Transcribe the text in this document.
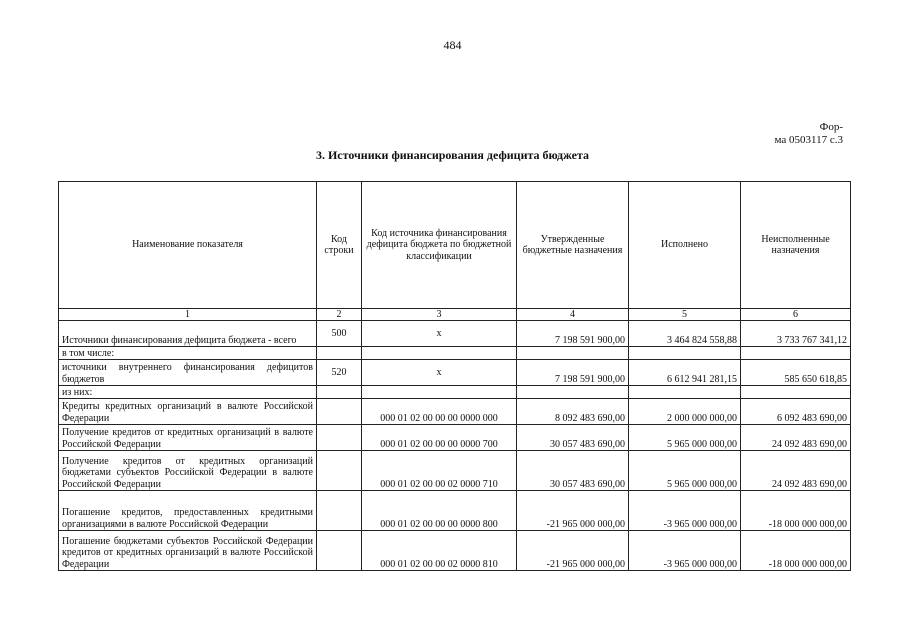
484
Фор-
ма 0503117 с.3
3. Источники финансирования дефицита бюджета
Наименование показателя	Код строки	Код источника финансирования дефицита бюджета по бюджетной классификации	Утвержденные бюджетные назначения	Исполнено	Неисполненные назначения
1	2	3	4	5	6
Источники финансирования дефицита бюджета - всего	500	x	7 198 591 900,00	3 464 824 558,88	3 733 767 341,12
в том числе:					
источники внутреннего финансирования дефицитов бюджетов	520	x	7 198 591 900,00	6 612 941 281,15	585 650 618,85
из них:					
Кредиты кредитных организаций в валюте Российской Федерации		000 01 02 00 00 00 0000 000	8 092 483 690,00	2 000 000 000,00	6 092 483 690,00
Получение кредитов от кредитных организаций в валюте Российской Федерации		000 01 02 00 00 00 0000 700	30 057 483 690,00	5 965 000 000,00	24 092 483 690,00
Получение кредитов от кредитных организаций бюджетами субъектов Российской Федерации в валюте Российской Федерации		000 01 02 00 00 02 0000 710	30 057 483 690,00	5 965 000 000,00	24 092 483 690,00
Погашение кредитов, предоставленных кредитными организациями в валюте Российской Федерации		000 01 02 00 00 00 0000 800	-21 965 000 000,00	-3 965 000 000,00	-18 000 000 000,00
Погашение бюджетами субъектов Российской Федерации кредитов от кредитных организаций в валюте Российской Федерации		000 01 02 00 00 02 0000 810	-21 965 000 000,00	-3 965 000 000,00	-18 000 000 000,00
